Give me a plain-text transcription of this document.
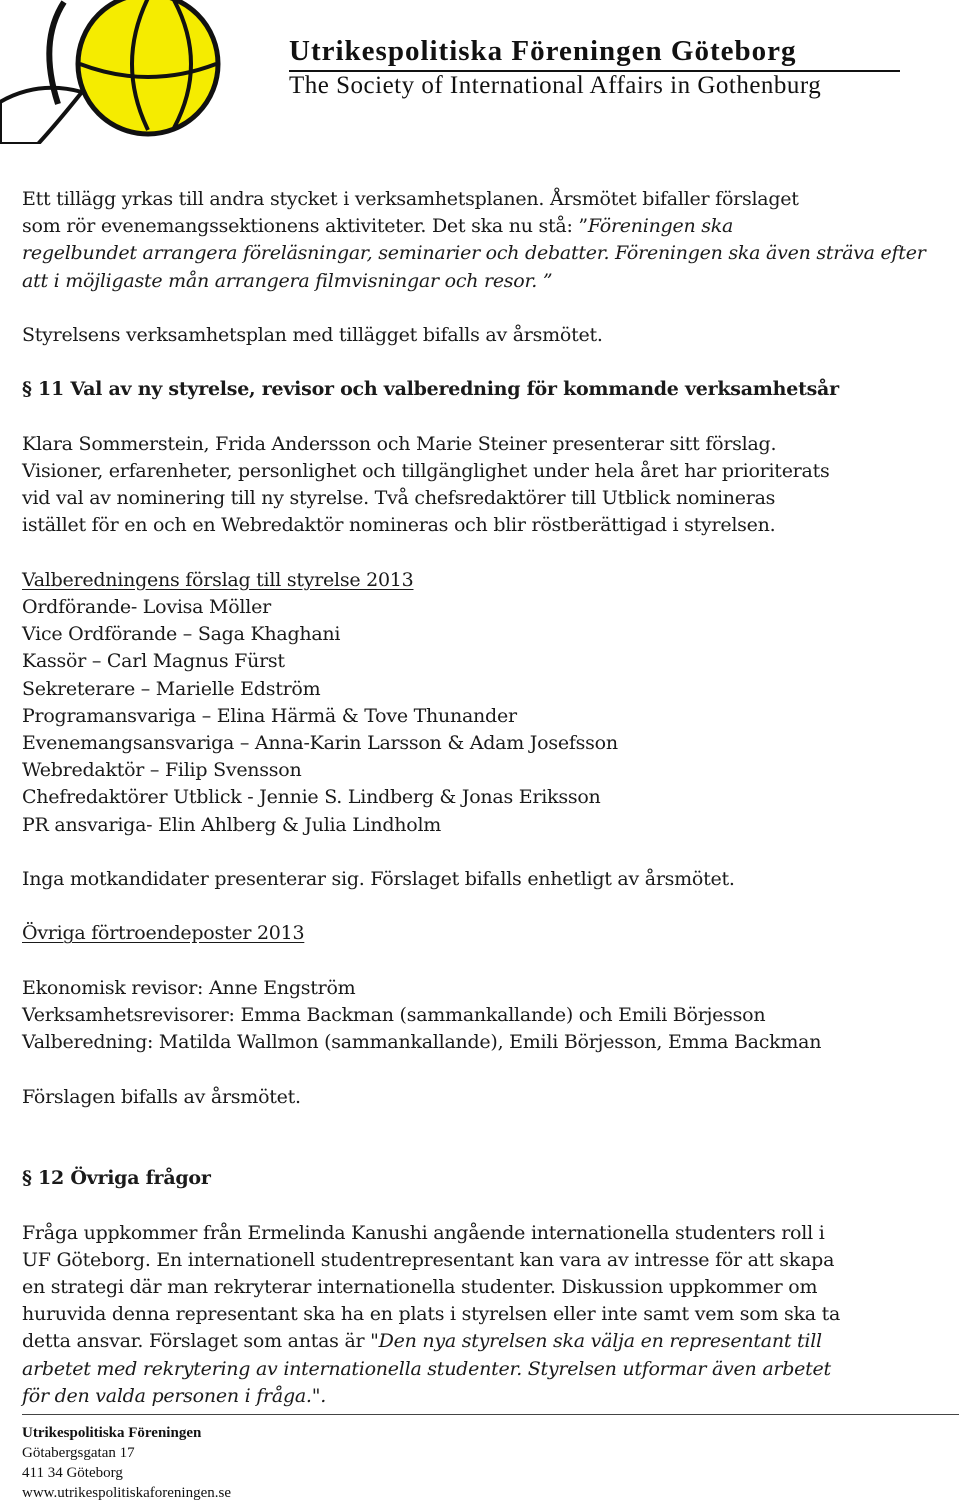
Utrikespolitiska Föreningen Göteborg
The Society of International Affairs in Gothenburg

Ett tillägg yrkas till andra stycket i verksamhetsplanen. Årsmötet bifaller förslaget

som rör evenemangssektionens aktiviteter. Det ska nu stå: ”Föreningen ska

regelbundet arrangera föreläsningar, seminarier och debatter. Föreningen ska även sträva efter att i möjligaste mån arrangera filmvisningar och resor. ”

Styrelsens verksamhetsplan med tillägget bifalls av årsmötet.

§ 11 Val av ny styrelse, revisor och valberedning för kommande verksamhetsår

Klara Sommerstein, Frida Andersson och Marie Steiner presenterar sitt förslag.

Visioner, erfarenheter, personlighet och tillgänglighet under hela året har prioriterats

vid val av nominering till ny styrelse. Två chefsredaktörer till Utblick nomineras

istället för en och en Webredaktör nomineras och blir röstberättigad i styrelsen.

Valberedningens förslag till styrelse 2013

Ordförande- Lovisa Möller

Vice Ordförande – Saga Khaghani

Kassör – Carl Magnus Fürst

Sekreterare – Marielle Edström

Programansvariga – Elina Härmä & Tove Thunander

Evenemangsansvariga – Anna-Karin Larsson & Adam Josefsson

Webredaktör – Filip Svensson

Chefredaktörer Utblick - Jennie S. Lindberg & Jonas Eriksson

PR ansvariga- Elin Ahlberg & Julia Lindholm

Inga motkandidater presenterar sig. Förslaget bifalls enhetligt av årsmötet.

Övriga förtroendeposter 2013

Ekonomisk revisor: Anne Engström

Verksamhetsrevisorer: Emma Backman (sammankallande) och Emili Börjesson

Valberedning: Matilda Wallmon (sammankallande), Emili Börjesson, Emma Backman

Förslagen bifalls av årsmötet.

§ 12 Övriga frågor

Fråga uppkommer från Ermelinda Kanushi angående internationella studenters roll i

UF Göteborg. En internationell studentrepresentant kan vara av intresse för att skapa

en strategi där man rekryterar internationella studenter. Diskussion uppkommer om

huruvida denna representant ska ha en plats i styrelsen eller inte samt vem som ska ta

detta ansvar. Förslaget som antas är "Den nya styrelsen ska välja en representant till

arbetet med rekrytering av internationella studenter. Styrelsen utformar även arbetet

för den valda personen i fråga.".

Utrikespolitiska Föreningen
Götabergsgatan 17
411 34 Göteborg
www.utrikespolitiskaforeningen.se
